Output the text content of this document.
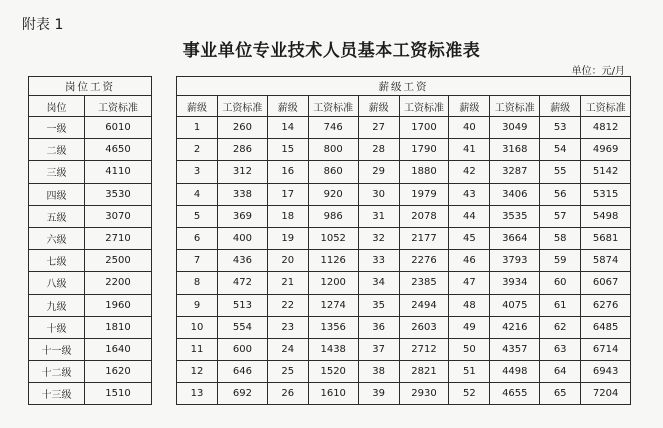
附表 1
事业单位专业技术人员基本工资标准表
单位：元/月
岗位工资	
岗位	工资标准
一级	6010
二级	4650
三级	4110
四级	3530
五级	3070
六级	2710
七级	2500
八级	2200
九级	1960
十级	1810
十一级	1640
十二级	1620
十三级	1510
薪级工资									
薪级	工资标准	薪级	工资标准	薪级	工资标准	薪级	工资标准	薪级	工资标准
1	260	14	746	27	1700	40	3049	53	4812
2	286	15	800	28	1790	41	3168	54	4969
3	312	16	860	29	1880	42	3287	55	5142
4	338	17	920	30	1979	43	3406	56	5315
5	369	18	986	31	2078	44	3535	57	5498
6	400	19	1052	32	2177	45	3664	58	5681
7	436	20	1126	33	2276	46	3793	59	5874
8	472	21	1200	34	2385	47	3934	60	6067
9	513	22	1274	35	2494	48	4075	61	6276
10	554	23	1356	36	2603	49	4216	62	6485
11	600	24	1438	37	2712	50	4357	63	6714
12	646	25	1520	38	2821	51	4498	64	6943
13	692	26	1610	39	2930	52	4655	65	7204
